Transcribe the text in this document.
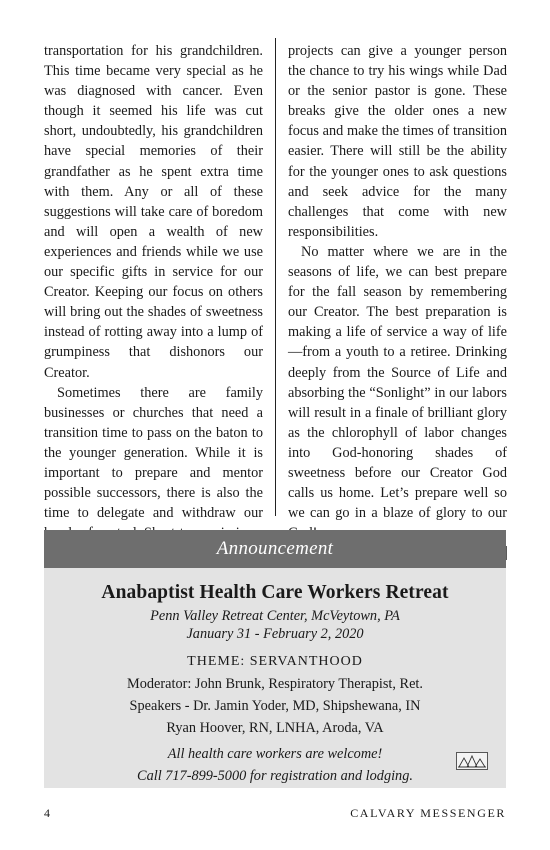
transportation for his grandchildren. This time became very special as he was diagnosed with cancer. Even though it seemed his life was cut short, undoubtedly, his grandchildren have special memories of their grandfather as he spent extra time with them. Any or all of these suggestions will take care of boredom and will open a wealth of new experiences and friends while we use our specific gifts in service for our Creator. Keeping our focus on others will bring out the shades of sweetness instead of rotting away into a lump of grumpiness that dishonors our Creator.

Sometimes there are family businesses or churches that need a transition time to pass on the baton to the younger generation. While it is important to prepare and mentor possible successors, there is also the time to delegate and withdraw our

projects can give a younger person the chance to try his wings while Dad or the senior pastor is gone. These breaks give the older ones a new focus and make the times of transition easier. There will still be the ability for the younger ones to ask questions and seek advice for the many challenges that come with new responsibilities.

No matter where we are in the seasons of life, we can best prepare for the fall season by remembering our Creator. The best preparation is making a life of service a way of life—from a youth to a retiree. Drinking deeply from the Source of Life and absorbing the “Sonlight” in our labors will result in a finale of brilliant glory as the chlorophyll of labor changes into God-honoring shades of sweetness before our Creator God calls us home. Let’s prepare well so we can go in a blaze of glory to our

Announcement
Anabaptist Health Care Workers Retreat
Penn Valley Retreat Center, McVeytown, PA
January 31 - February 2, 2020
THEME: SERVANTHOOD
Moderator: John Brunk, Respiratory Therapist, Ret.
Speakers - Dr. Jamin Yoder, MD, Shipshewana, IN
Ryan Hoover, RN, LNHA, Aroda, VA
All health care workers are welcome!
Call 717-899-5000 for registration and lodging.
4	CALVARY MESSENGER
